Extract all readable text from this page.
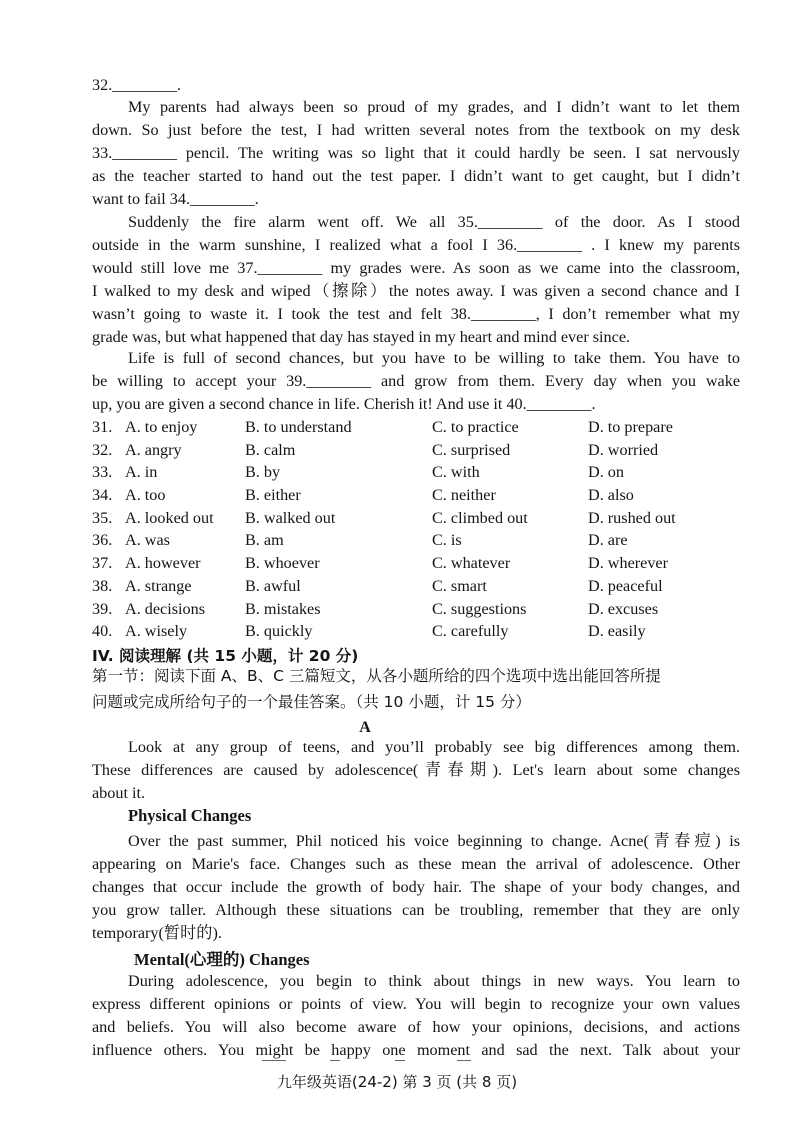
32.________.
My parents had always been so proud of my grades, and I didn’t want to let them
down. So just before the test, I had written several notes from the textbook on my desk
33.________ pencil. The writing was so light that it could hardly be seen. I sat nervously
as the teacher started to hand out the test paper. I didn’t want to get caught, but I didn’t
want to fail 34.________.
Suddenly the fire alarm went off. We all 35.________ of the door. As I stood
outside in the warm sunshine, I realized what a fool I 36.________ . I knew my parents
would still love me 37.________ my grades were. As soon as we came into the classroom,
I walked to my desk and wiped（擦除）the notes away. I was given a second chance and I
wasn’t going to waste it. I took the test and felt 38.________, I don’t remember what my
grade was, but what happened that day has stayed in my heart and mind ever since.
Life is full of second chances, but you have to be willing to take them. You have to
be willing to accept your 39.________ and grow from them. Every day when you wake
up, you are given a second chance in life. Cherish it! And use it 40.________.
31. A. to enjoy	B. to understand	C. to practice	D. to prepare
32. A. angry	B. calm	C. surprised	D. worried
33. A. in	B. by	C. with	D. on
34. A. too	B. either	C. neither	D. also
35. A. looked out B. walked out	C. climbed out	D. rushed out
36. A. was	B. am	C. is	D. are
37. A. however	B. whoever	C. whatever	D. wherever
38. A. strange	B. awful	C. smart	D. peaceful
39. A. decisions B. mistakes	C. suggestions	D. excuses
40. A. wisely	B. quickly	C. carefully	D. easily
IV. 阅读理解 (共 15 小题，计 20 分)
第一节：阅读下面 A、B、C 三篇短文，从各小题所给的四个选项中选出能回答所提
问题或完成所给句子的一个最佳答案。（共 10 小题，计 15 分）
A
Look at any group of teens, and you’ll probably see big differences among them.
These differences are caused by adolescence(青春期). Let's learn about some changes
about it.
Physical Changes
Over the past summer, Phil noticed his voice beginning to change. Acne(青春痘) is
appearing on Marie's face. Changes such as these mean the arrival of adolescence. Other
changes that occur include the growth of body hair. The shape of your body changes, and
you grow taller. Although these situations can be troubling, remember that they are only
temporary(暂时的).
Mental(心理的) Changes
During adolescence, you begin to think about things in new ways. You learn to
express different opinions or points of view. You will begin to recognize your own values
and beliefs. You will also become aware of how your opinions, decisions, and actions
influence others. You might be happy one moment and sad the next. Talk about your
九年级英语(24-2) 第 3 页 (共 8 页)
